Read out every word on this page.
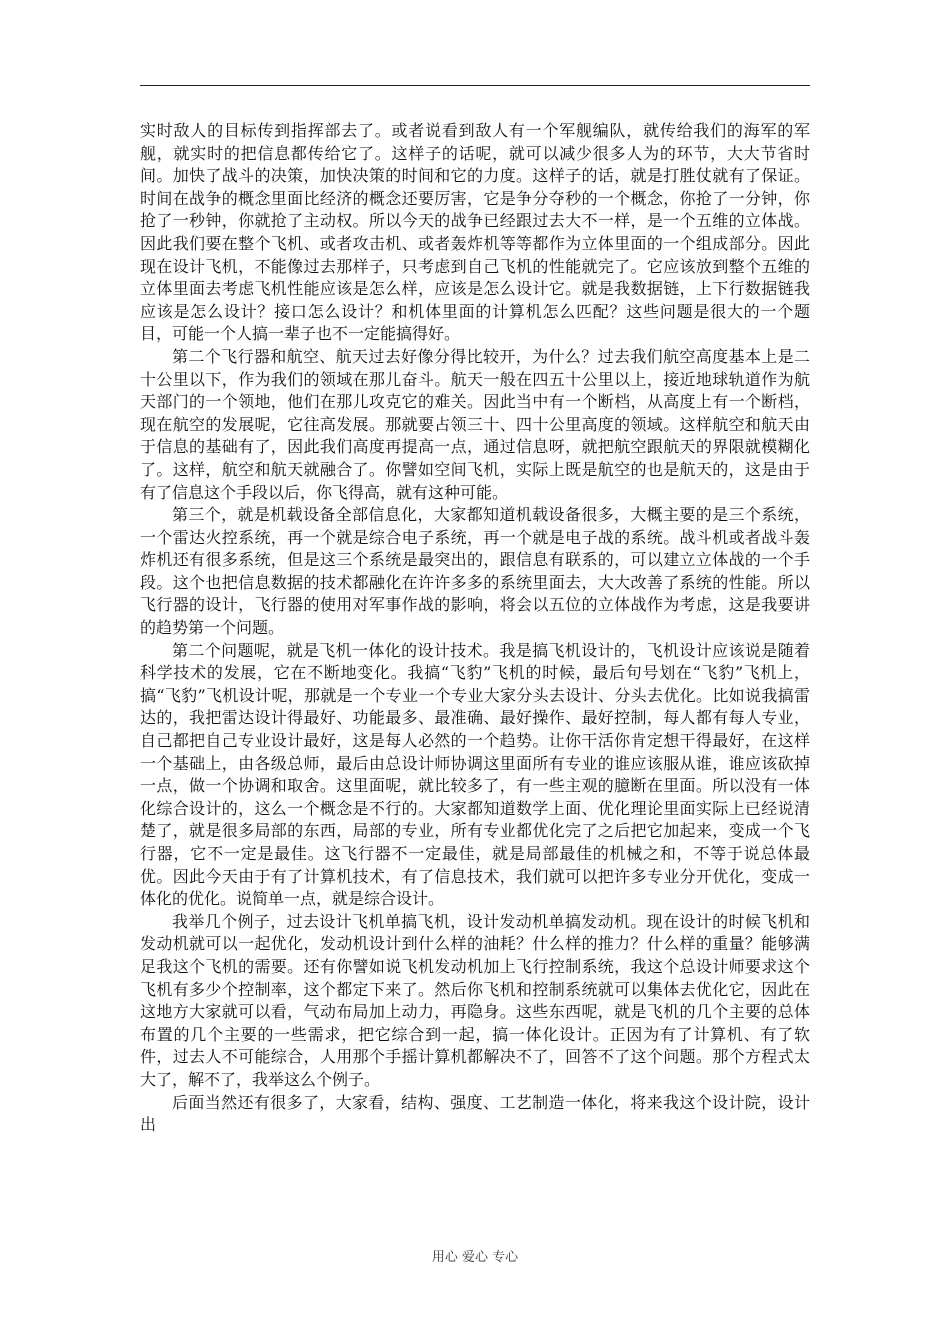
实时敌人的目标传到指挥部去了。或者说看到敌人有一个军舰编队，就传给我们的海军的军舰，就实时的把信息都传给它了。这样子的话呢，就可以减少很多人为的环节，大大节省时间。加快了战斗的决策，加快决策的时间和它的力度。这样子的话，就是打胜仗就有了保证。时间在战争的概念里面比经济的概念还要厉害，它是争分夺秒的一个概念，你抢了一分钟，你抢了一秒钟，你就抢了主动权。所以今天的战争已经跟过去大不一样，是一个五维的立体战。因此我们要在整个飞机、或者攻击机、或者轰炸机等等都作为立体里面的一个组成部分。因此现在设计飞机，不能像过去那样子，只考虑到自己飞机的性能就完了。它应该放到整个五维的立体里面去考虑飞机性能应该是怎么样，应该是怎么设计它。就是我数据链，上下行数据链我应该是怎么设计？接口怎么设计？和机体里面的计算机怎么匹配？这些问题是很大的一个题目，可能一个人搞一辈子也不一定能搞得好。

第二个飞行器和航空、航天过去好像分得比较开，为什么？过去我们航空高度基本上是二十公里以下，作为我们的领域在那儿奋斗。航天一般在四五十公里以上，接近地球轨道作为航天部门的一个领地，他们在那儿攻克它的难关。因此当中有一个断档，从高度上有一个断档，现在航空的发展呢，它往高发展。那就要占领三十、四十公里高度的领域。这样航空和航天由于信息的基础有了，因此我们高度再提高一点，通过信息呀，就把航空跟航天的界限就模糊化了。这样，航空和航天就融合了。你譬如空间飞机，实际上既是航空的也是航天的，这是由于有了信息这个手段以后，你飞得高，就有这种可能。

第三个，就是机载设备全部信息化，大家都知道机载设备很多，大概主要的是三个系统，一个雷达火控系统，再一个就是综合电子系统，再一个就是电子战的系统。战斗机或者战斗轰炸机还有很多系统，但是这三个系统是最突出的，跟信息有联系的，可以建立立体战的一个手段。这个也把信息数据的技术都融化在许许多多的系统里面去，大大改善了系统的性能。所以飞行器的设计，飞行器的使用对军事作战的影响，将会以五位的立体战作为考虑，这是我要讲的趋势第一个问题。

第二个问题呢，就是飞机一体化的设计技术。我是搞飞机设计的，飞机设计应该说是随着科学技术的发展，它在不断地变化。我搞“飞豹”飞机的时候，最后句号划在“飞豹”飞机上，搞“飞豹”飞机设计呢，那就是一个专业一个专业大家分头去设计、分头去优化。比如说我搞雷达的，我把雷达设计得最好、功能最多、最准确、最好操作、最好控制，每人都有每人专业，自己都把自己专业设计最好，这是每人必然的一个趋势。让你干活你肯定想干得最好，在这样一个基础上，由各级总师，最后由总设计师协调这里面所有专业的谁应该服从谁，谁应该砍掉一点，做一个协调和取舍。这里面呢，就比较多了，有一些主观的臆断在里面。所以没有一体化综合设计的，这么一个概念是不行的。大家都知道数学上面、优化理论里面实际上已经说清楚了，就是很多局部的东西，局部的专业，所有专业都优化完了之后把它加起来，变成一个飞行器，它不一定是最佳。这飞行器不一定最佳，就是局部最佳的机械之和，不等于说总体最优。因此今天由于有了计算机技术，有了信息技术，我们就可以把许多专业分开优化，变成一体化的优化。说简单一点，就是综合设计。

我举几个例子，过去设计飞机单搞飞机，设计发动机单搞发动机。现在设计的时候飞机和发动机就可以一起优化，发动机设计到什么样的油耗？什么样的推力？什么样的重量？能够满足我这个飞机的需要。还有你譬如说飞机发动机加上飞行控制系统，我这个总设计师要求这个飞机有多少个控制率，这个都定下来了。然后你飞机和控制系统就可以集体去优化它，因此在这地方大家就可以看，气动布局加上动力，再隐身。这些东西呢，就是飞机的几个主要的总体布置的几个主要的一些需求，把它综合到一起，搞一体化设计。正因为有了计算机、有了软件，过去人不可能综合，人用那个手摇计算机都解决不了，回答不了这个问题。那个方程式太大了，解不了，我举这么个例子。

后面当然还有很多了，大家看，结构、强度、工艺制造一体化，将来我这个设计院，设计出

用心 爱心 专心
